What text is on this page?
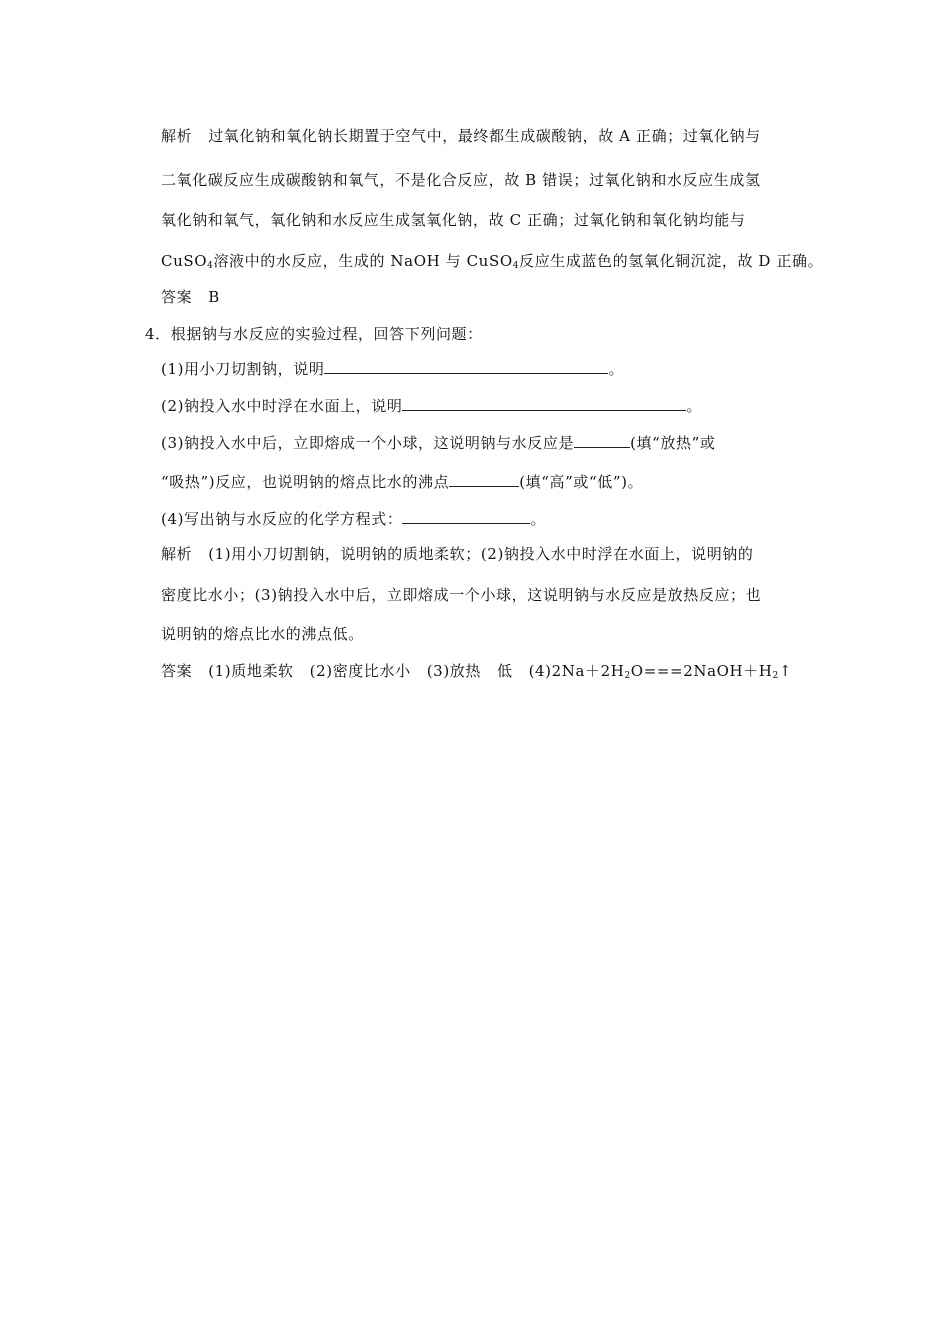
解析 过氧化钠和氧化钠长期置于空气中，最终都生成碳酸钠，故 A 正确；过氧化钠与
二氧化碳反应生成碳酸钠和氧气，不是化合反应，故 B 错误；过氧化钠和水反应生成氢
氧化钠和氧气，氧化钠和水反应生成氢氧化钠，故 C 正确；过氧化钠和氧化钠均能与
CuSO$_4$溶液中的水反应，生成的 NaOH 与 CuSO$_4$反应生成蓝色的氢氧化铜沉淀，故 D 正确。
答案 B
4．根据钠与水反应的实验过程，回答下列问题：
(1)用小刀切割钠，说明	。
(2)钠投入水中时浮在水面上，说明	。
(3)钠投入水中后，立即熔成一个小球，这说明钠与水反应是	(填“放热”或
“吸热”)反应，也说明钠的熔点比水的沸点	(填“高”或“低”)。
(4)写出钠与水反应的化学方程式：	。
解析 (1)用小刀切割钠，说明钠的质地柔软；(2)钠投入水中时浮在水面上，说明钠的
密度比水小；(3)钠投入水中后，立即熔成一个小球，这说明钠与水反应是放热反应；也
说明钠的熔点比水的沸点低。
答案 (1)质地柔软 (2)密度比水小 (3)放热 低 $(4)2Na+2H_2O===2NaOH+H_2↑$
